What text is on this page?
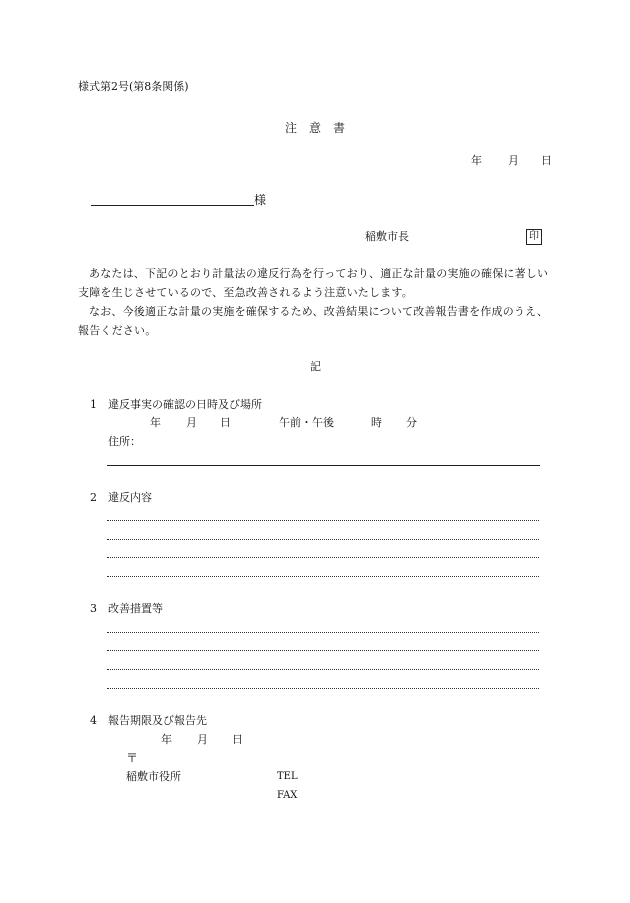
様式第2号(第8条関係)
注　意　書
年 月 日
様
稲敷市長	印

あなたは、下記のとおり計量法の違反行為を行っており、適正な計量の実施の確保に著しい支障を生じさせているので、至急改善されるよう注意いたします。

なお、今後適正な計量の実施を確保するため、改善結果について改善報告書を作成のうえ、報告ください。

記
1 違反事実の確認の日時及び場所
年 月 日	午前・午後	時 分
住所：
2 違反内容
3 改善措置等
4 報告期限及び報告先
年 月 日
〒
稲敷市役所	TEL
FAX
